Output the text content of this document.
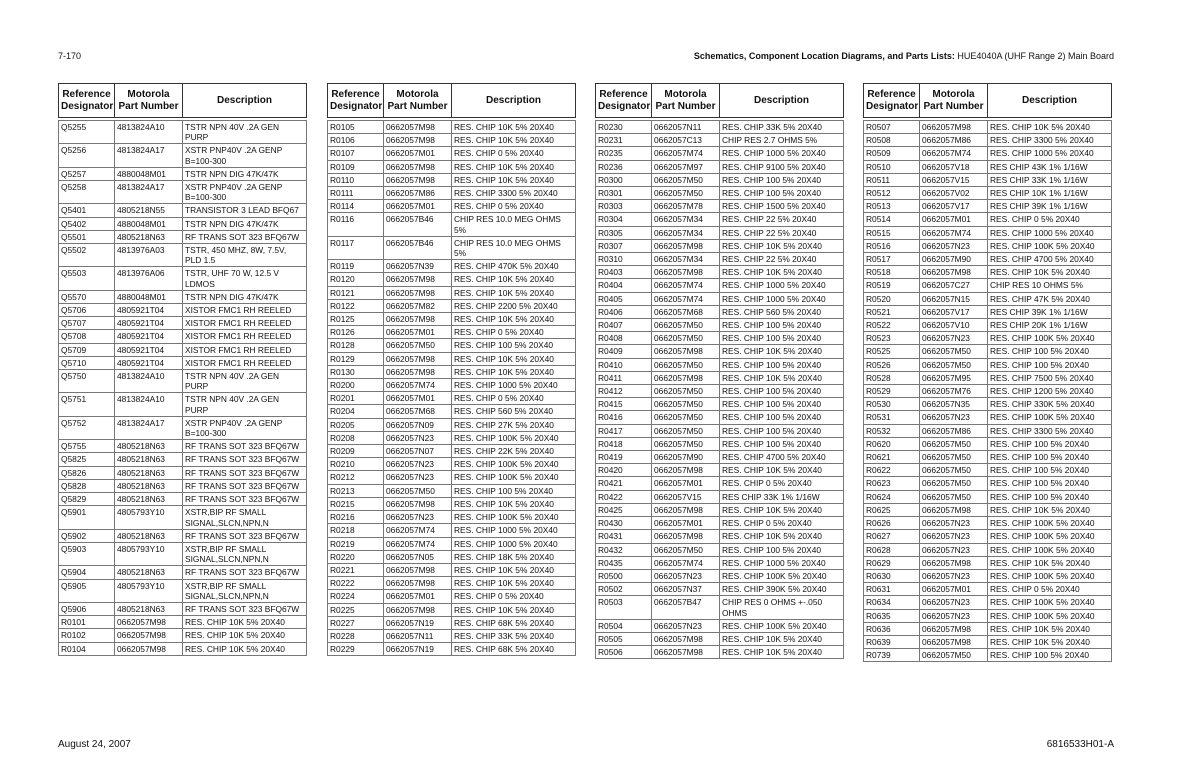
7-170	Schematics, Component Location Diagrams, and Parts Lists: HUE4040A (UHF Range 2) Main Board
Reference
Designator	Motorola
Part Number	Description

Q5255	4813824A10	TSTR NPN 40V .2A GEN PURP
Q5256	4813824A17	XSTR PNP40V .2A GENP B=100-300
Q5257	4880048M01	TSTR NPN DIG 47K/47K
Q5258	4813824A17	XSTR PNP40V .2A GENP B=100-300
Q5401	4805218N55	TRANSISTOR 3 LEAD BFQ67
Q5402	4880048M01	TSTR NPN DIG 47K/47K
Q5501	4805218N63	RF TRANS SOT 323 BFQ67W
Q5502	4813976A03	TSTR, 450 MHZ, 8W, 7.5V, PLD 1.5
Q5503	4813976A06	TSTR, UHF 70 W, 12.5 V LDMOS
Q5570	4880048M01	TSTR NPN DIG 47K/47K
Q5706	4805921T04	XISTOR FMC1 RH REELED
Q5707	4805921T04	XISTOR FMC1 RH REELED
Q5708	4805921T04	XISTOR FMC1 RH REELED
Q5709	4805921T04	XISTOR FMC1 RH REELED
Q5710	4805921T04	XISTOR FMC1 RH REELED
Q5750	4813824A10	TSTR NPN 40V .2A GEN PURP
Q5751	4813824A10	TSTR NPN 40V .2A GEN PURP
Q5752	4813824A17	XSTR PNP40V .2A GENP B=100-300
Q5755	4805218N63	RF TRANS SOT 323 BFQ67W
Q5825	4805218N63	RF TRANS SOT 323 BFQ67W
Q5826	4805218N63	RF TRANS SOT 323 BFQ67W
Q5828	4805218N63	RF TRANS SOT 323 BFQ67W
Q5829	4805218N63	RF TRANS SOT 323 BFQ67W
Q5901	4805793Y10	XSTR,BIP RF SMALL SIGNAL,SLCN,NPN,N
Q5902	4805218N63	RF TRANS SOT 323 BFQ67W
Q5903	4805793Y10	XSTR,BIP RF SMALL SIGNAL,SLCN,NPN,N
Q5904	4805218N63	RF TRANS SOT 323 BFQ67W
Q5905	4805793Y10	XSTR,BIP RF SMALL SIGNAL,SLCN,NPN,N
Q5906	4805218N63	RF TRANS SOT 323 BFQ67W
R0101	0662057M98	RES. CHIP 10K 5% 20X40
R0102	0662057M98	RES. CHIP 10K 5% 20X40
R0104	0662057M98	RES. CHIP 10K 5% 20X40
Reference
Designator	Motorola
Part Number	Description

R0105	0662057M98	RES. CHIP 10K 5% 20X40
R0106	0662057M98	RES. CHIP 10K 5% 20X40
R0107	0662057M01	RES. CHIP 0 5% 20X40
R0109	0662057M98	RES. CHIP 10K 5% 20X40
R0110	0662057M98	RES. CHIP 10K 5% 20X40
R0111	0662057M86	RES. CHIP 3300 5% 20X40
R0114	0662057M01	RES. CHIP 0 5% 20X40
R0116	0662057B46	CHIP RES 10.0 MEG OHMS 5%
R0117	0662057B46	CHIP RES 10.0 MEG OHMS 5%
R0119	0662057N39	RES. CHIP 470K 5% 20X40
R0120	0662057M98	RES. CHIP 10K 5% 20X40
R0121	0662057M98	RES. CHIP 10K 5% 20X40
R0122	0662057M82	RES. CHIP 2200 5% 20X40
R0125	0662057M98	RES. CHIP 10K 5% 20X40
R0126	0662057M01	RES. CHIP 0 5% 20X40
R0128	0662057M50	RES. CHIP 100 5% 20X40
R0129	0662057M98	RES. CHIP 10K 5% 20X40
R0130	0662057M98	RES. CHIP 10K 5% 20X40
R0200	0662057M74	RES. CHIP 1000 5% 20X40
R0201	0662057M01	RES. CHIP 0 5% 20X40
R0204	0662057M68	RES. CHIP 560 5% 20X40
R0205	0662057N09	RES. CHIP 27K 5% 20X40
R0208	0662057N23	RES. CHIP 100K 5% 20X40
R0209	0662057N07	RES. CHIP 22K 5% 20X40
R0210	0662057N23	RES. CHIP 100K 5% 20X40
R0212	0662057N23	RES. CHIP 100K 5% 20X40
R0213	0662057M50	RES. CHIP 100 5% 20X40
R0215	0662057M98	RES. CHIP 10K 5% 20X40
R0216	0662057N23	RES. CHIP 100K 5% 20X40
R0218	0662057M74	RES. CHIP 1000 5% 20X40
R0219	0662057M74	RES. CHIP 1000 5% 20X40
R0220	0662057N05	RES. CHIP 18K 5% 20X40
R0221	0662057M98	RES. CHIP 10K 5% 20X40
R0222	0662057M98	RES. CHIP 10K 5% 20X40
R0224	0662057M01	RES. CHIP 0 5% 20X40
R0225	0662057M98	RES. CHIP 10K 5% 20X40
R0227	0662057N19	RES. CHIP 68K 5% 20X40
R0228	0662057N11	RES. CHIP 33K 5% 20X40
R0229	0662057N19	RES. CHIP 68K 5% 20X40
Reference
Designator	Motorola
Part Number	Description

R0230	0662057N11	RES. CHIP 33K 5% 20X40
R0231	0662057C13	CHIP RES 2.7 OHMS 5%
R0235	0662057M74	RES. CHIP 1000 5% 20X40
R0236	0662057M97	RES. CHIP 9100 5% 20X40
R0300	0662057M50	RES. CHIP 100 5% 20X40
R0301	0662057M50	RES. CHIP 100 5% 20X40
R0303	0662057M78	RES. CHIP 1500 5% 20X40
R0304	0662057M34	RES. CHIP 22 5% 20X40
R0305	0662057M34	RES. CHIP 22 5% 20X40
R0307	0662057M98	RES. CHIP 10K 5% 20X40
R0310	0662057M34	RES. CHIP 22 5% 20X40
R0403	0662057M98	RES. CHIP 10K 5% 20X40
R0404	0662057M74	RES. CHIP 1000 5% 20X40
R0405	0662057M74	RES. CHIP 1000 5% 20X40
R0406	0662057M68	RES. CHIP 560 5% 20X40
R0407	0662057M50	RES. CHIP 100 5% 20X40
R0408	0662057M50	RES. CHIP 100 5% 20X40
R0409	0662057M98	RES. CHIP 10K 5% 20X40
R0410	0662057M50	RES. CHIP 100 5% 20X40
R0411	0662057M98	RES. CHIP 10K 5% 20X40
R0412	0662057M50	RES. CHIP 100 5% 20X40
R0415	0662057M50	RES. CHIP 100 5% 20X40
R0416	0662057M50	RES. CHIP 100 5% 20X40
R0417	0662057M50	RES. CHIP 100 5% 20X40
R0418	0662057M50	RES. CHIP 100 5% 20X40
R0419	0662057M90	RES. CHIP 4700 5% 20X40
R0420	0662057M98	RES. CHIP 10K 5% 20X40
R0421	0662057M01	RES. CHIP 0 5% 20X40
R0422	0662057V15	RES CHIP 33K 1% 1/16W
R0425	0662057M98	RES. CHIP 10K 5% 20X40
R0430	0662057M01	RES. CHIP 0 5% 20X40
R0431	0662057M98	RES. CHIP 10K 5% 20X40
R0432	0662057M50	RES. CHIP 100 5% 20X40
R0435	0662057M74	RES. CHIP 1000 5% 20X40
R0500	0662057N23	RES. CHIP 100K 5% 20X40
R0502	0662057N37	RES. CHIP 390K 5% 20X40
R0503	0662057B47	CHIP RES 0 OHMS +-.050 OHMS
R0504	0662057N23	RES. CHIP 100K 5% 20X40
R0505	0662057M98	RES. CHIP 10K 5% 20X40
R0506	0662057M98	RES. CHIP 10K 5% 20X40
Reference
Designator	Motorola
Part Number	Description

R0507	0662057M98	RES. CHIP 10K 5% 20X40
R0508	0662057M86	RES. CHIP 3300 5% 20X40
R0509	0662057M74	RES. CHIP 1000 5% 20X40
R0510	0662057V18	RES CHIP 43K 1% 1/16W
R0511	0662057V15	RES CHIP 33K 1% 1/16W
R0512	0662057V02	RES CHIP 10K 1% 1/16W
R0513	0662057V17	RES CHIP 39K 1% 1/16W
R0514	0662057M01	RES. CHIP 0 5% 20X40
R0515	0662057M74	RES. CHIP 1000 5% 20X40
R0516	0662057N23	RES. CHIP 100K 5% 20X40
R0517	0662057M90	RES. CHIP 4700 5% 20X40
R0518	0662057M98	RES. CHIP 10K 5% 20X40
R0519	0662057C27	CHIP RES 10 OHMS 5%
R0520	0662057N15	RES. CHIP 47K 5% 20X40
R0521	0662057V17	RES CHIP 39K 1% 1/16W
R0522	0662057V10	RES CHIP 20K 1% 1/16W
R0523	0662057N23	RES. CHIP 100K 5% 20X40
R0525	0662057M50	RES. CHIP 100 5% 20X40
R0526	0662057M50	RES. CHIP 100 5% 20X40
R0528	0662057M95	RES. CHIP 7500 5% 20X40
R0529	0662057M76	RES. CHIP 1200 5% 20X40
R0530	0662057N35	RES. CHIP 330K 5% 20X40
R0531	0662057N23	RES. CHIP 100K 5% 20X40
R0532	0662057M86	RES. CHIP 3300 5% 20X40
R0620	0662057M50	RES. CHIP 100 5% 20X40
R0621	0662057M50	RES. CHIP 100 5% 20X40
R0622	0662057M50	RES. CHIP 100 5% 20X40
R0623	0662057M50	RES. CHIP 100 5% 20X40
R0624	0662057M50	RES. CHIP 100 5% 20X40
R0625	0662057M98	RES. CHIP 10K 5% 20X40
R0626	0662057N23	RES. CHIP 100K 5% 20X40
R0627	0662057N23	RES. CHIP 100K 5% 20X40
R0628	0662057N23	RES. CHIP 100K 5% 20X40
R0629	0662057M98	RES. CHIP 10K 5% 20X40
R0630	0662057N23	RES. CHIP 100K 5% 20X40
R0631	0662057M01	RES. CHIP 0 5% 20X40
R0634	0662057N23	RES. CHIP 100K 5% 20X40
R0635	0662057N23	RES. CHIP 100K 5% 20X40
R0636	0662057M98	RES. CHIP 10K 5% 20X40
R0639	0662057M98	RES. CHIP 10K 5% 20X40
R0739	0662057M50	RES. CHIP 100 5% 20X40
August 24, 2007	6816533H01-A
